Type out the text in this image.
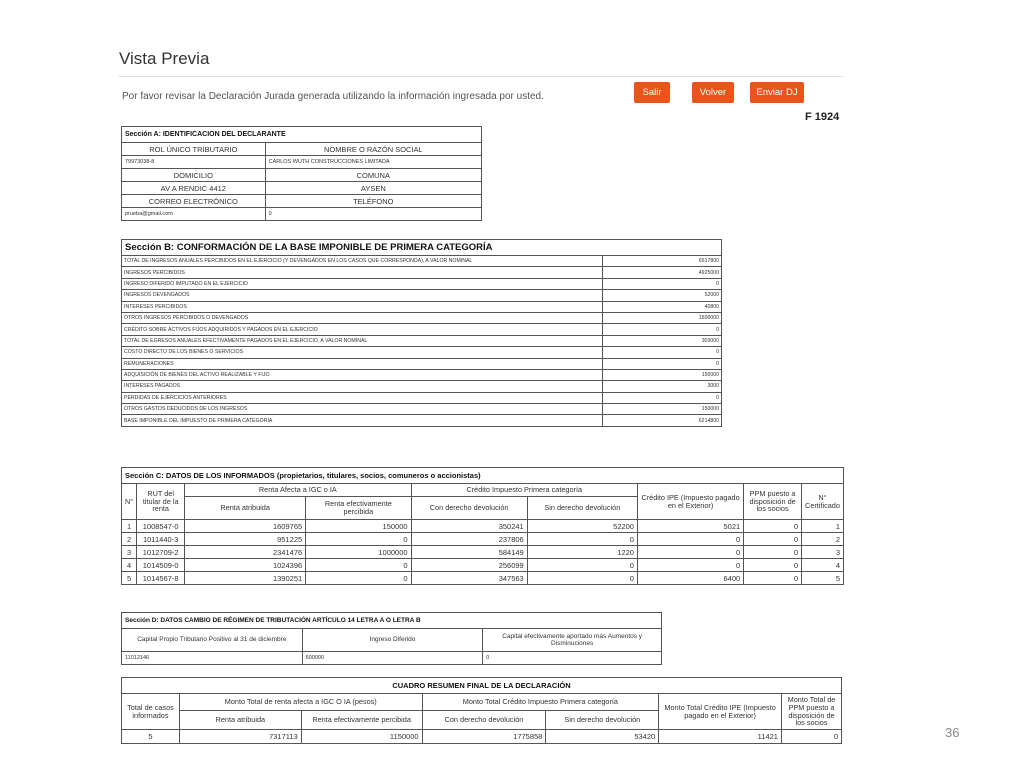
Vista Previa
Por favor revisar la Declaración Jurada generada utilizando la información ingresada por usted.	Salir	Volver	Enviar DJ
F 1924
Sección A: IDENTIFICACION DEL DECLARANTE	
ROL ÚNICO TRIBUTARIO	NOMBRE O RAZÓN SOCIAL
79973038-8	CARLOS WUTH CONSTRUCCIONES LIMITADA
DOMICILIO	COMUNA
AV A RENDIC 4412	AYSEN
CORREO ELECTRÓNICO	TELÉFONO
prueba@gmail.com	0
Sección B: CONFORMACIÓN DE LA BASE IMPONIBLE DE PRIMERA CATEGORÍA	
TOTAL DE INGRESOS ANUALES PERCIBIDOS EN EL EJERCICIO (Y DEVENGADOS EN LOS CASOS QUE CORRESPONDA), A VALOR NOMINAL	6517800
INGRESOS PERCIBIDOS	4925000
INGRESO DIFERIDO IMPUTADO EN EL EJERCICIO	0
INGRESOS DEVENGADOS	52000
INTERESES PERCIBIDOS	40800
OTROS INGRESOS PERCIBIDOS O DEVENGADOS	1500000
CRÉDITO SOBRE ACTIVOS FIJOS ADQUIRIDOS Y PAGADOS EN EL EJERCICIO	0
TOTAL DE EGRESOS ANUALES EFECTIVAMENTE PAGADOS EN EL EJERCICIO, A VALOR NOMINAL	303000
COSTO DIRECTO DE LOS BIENES O SERVICIOS	0
REMUNERACIONES	0
ADQUISICIÓN DE BIENES DEL ACTIVO REALIZABLE Y FIJO	150000
INTERESES PAGADOS	3000
PÉRDIDAS DE EJERCICIOS ANTERIORES	0
OTROS GASTOS DEDUCIDOS DE LOS INGRESOS	150000
BASE IMPONIBLE DEL IMPUESTO DE PRIMERA CATEGORÍA	6214800
Sección C: DATOS DE LOS INFORMADOS (propietarios, titulares, socios, comuneros o accionistas)								
N°	RUT del titular de la renta	Renta Afecta a IGC o IA		Crédito Impuesto Primera categoría		Crédito IPE (Impuesto pagado en el Exterior)	PPM puesto a disposición de los socios	N° Certificado
		Renta atribuida	Renta efectivamente percibida	Con derecho devolución	Sin derecho devolución			
1	1008547-0	1609765	150000	350241	52200	5021	0	1
2	1011440-3	951225	0	237806	0	0	0	2
3	1012709-2	2341476	1000000	584149	1220	0	0	3
4	1014509-0	1024396	0	256099	0	0	0	4
5	1014567-8	1390251	0	347563	0	6400	0	5
Sección D: DATOS CAMBIO DE RÉGIMEN DE TRIBUTACIÓN ARTÍCULO 14 LETRA A O LETRA B		
Capital Propio Tributario Positivo al 31 de diciembre	Ingreso Diferido	Capital efectivamente aportado más Aumentos y Disminuciones
11012146	500000	0
CUADRO RESUMEN FINAL DE LA DECLARACIÓN						
Total de casos informados	Monto Total de renta afecta a IGC O IA (pesos)		Monto Total Crédito Impuesto Primera categoría		Monto Total Crédito IPE (Impuesto pagado en el Exterior)	Monto Total de PPM puesto a disposición de los socios
	Renta atribuida	Renta efectivamente percibida	Con derecho devolución	Sin derecho devolución		
5	7317113	1150000	1775858	53420	11421	0	36
